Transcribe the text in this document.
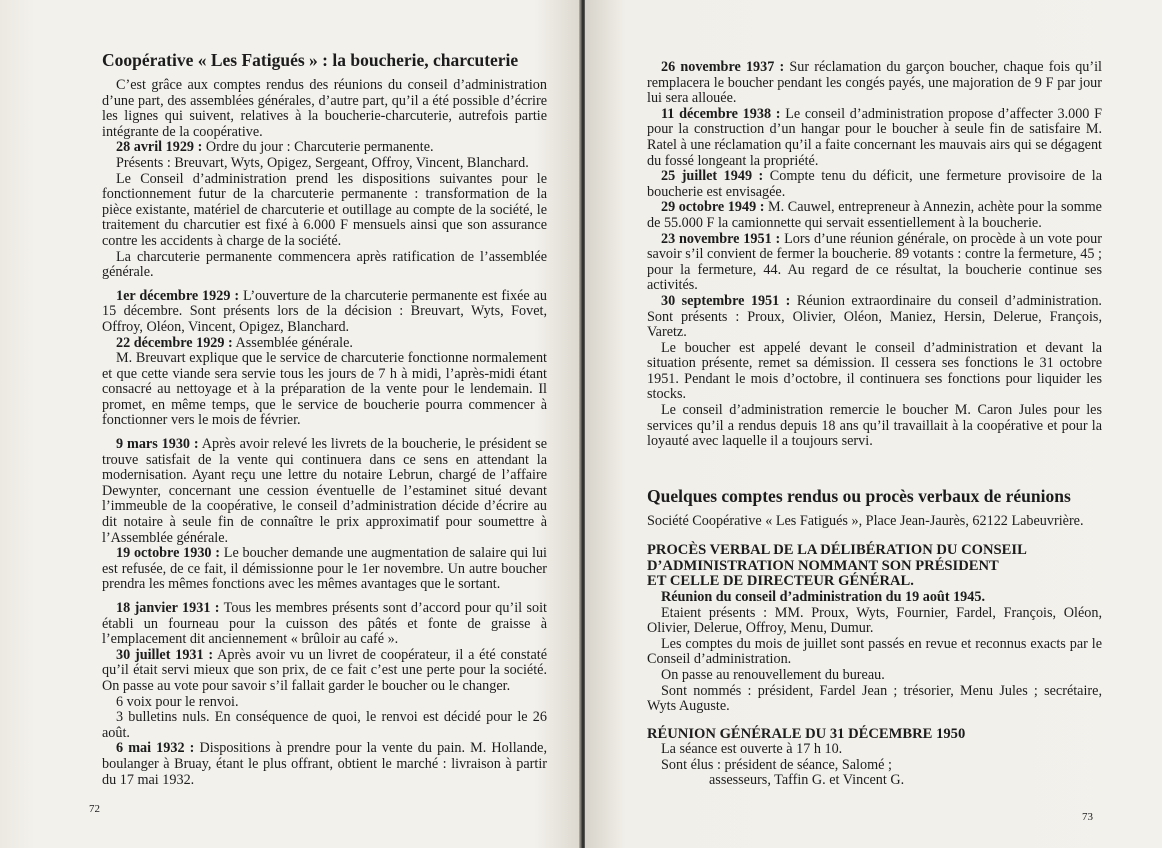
Coopérative « Les Fatigués » : la boucherie, charcuterie

C’est grâce aux comptes rendus des réunions du conseil d’administration d’une part, des assemblées générales, d’autre part, qu’il a été possible d’écrire les lignes qui suivent, relatives à la boucherie-charcuterie, autrefois partie intégrante de la coopérative.

28 avril 1929 : Ordre du jour : Charcuterie permanente.

Présents : Breuvart, Wyts, Opigez, Sergeant, Offroy, Vincent, Blanchard.

Le Conseil d’administration prend les dispositions suivantes pour le fonctionnement futur de la charcuterie permanente : transformation de la pièce existante, matériel de charcuterie et outillage au compte de la société, le traitement du charcutier est fixé à 6.000 F mensuels ainsi que son assurance contre les accidents à charge de la société.

La charcuterie permanente commencera après ratification de l’assemblée générale.

1er décembre 1929 : L’ouverture de la charcuterie permanente est fixée au 15 décembre. Sont présents lors de la décision : Breuvart, Wyts, Fovet, Offroy, Oléon, Vincent, Opigez, Blanchard.

22 décembre 1929 : Assemblée générale.

M. Breuvart explique que le service de charcuterie fonctionne normalement et que cette viande sera servie tous les jours de 7 h à midi, l’après-midi étant consacré au nettoyage et à la préparation de la vente pour le lendemain. Il promet, en même temps, que le service de boucherie pourra commencer à fonctionner vers le mois de février.

9 mars 1930 : Après avoir relevé les livrets de la boucherie, le président se trouve satisfait de la vente qui continuera dans ce sens en attendant la modernisation. Ayant reçu une lettre du notaire Lebrun, chargé de l’affaire Dewynter, concernant une cession éventuelle de l’estaminet situé devant l’immeuble de la coopérative, le conseil d’administration décide d’écrire au dit notaire à seule fin de connaître le prix approximatif pour soumettre à l’Assemblée générale.

19 octobre 1930 : Le boucher demande une augmentation de salaire qui lui est refusée, de ce fait, il démissionne pour le 1er novembre. Un autre boucher prendra les mêmes fonctions avec les mêmes avantages que le sortant.

18 janvier 1931 : Tous les membres présents sont d’accord pour qu’il soit établi un fourneau pour la cuisson des pâtés et fonte de graisse à l’emplacement dit anciennement « brûloir au café ».

30 juillet 1931 : Après avoir vu un livret de coopérateur, il a été constaté qu’il était servi mieux que son prix, de ce fait c’est une perte pour la société. On passe au vote pour savoir s’il fallait garder le boucher ou le changer.

6 voix pour le renvoi.

3 bulletins nuls. En conséquence de quoi, le renvoi est décidé pour le 26 août.

6 mai 1932 : Dispositions à prendre pour la vente du pain. M. Hollande, boulanger à Bruay, étant le plus offrant, obtient le marché : livraison à partir du 17 mai 1932.

72

26 novembre 1937 : Sur réclamation du garçon boucher, chaque fois qu’il remplacera le boucher pendant les congés payés, une majoration de 9 F par jour lui sera allouée.

11 décembre 1938 : Le conseil d’administration propose d’affecter 3.000 F pour la construction d’un hangar pour le boucher à seule fin de satisfaire M. Ratel à une réclamation qu’il a faite concernant les mauvais airs qui se dégagent du fossé longeant la propriété.

25 juillet 1949 : Compte tenu du déficit, une fermeture provisoire de la boucherie est envisagée.

29 octobre 1949 : M. Cauwel, entrepreneur à Annezin, achète pour la somme de 55.000 F la camionnette qui servait essentiellement à la boucherie.

23 novembre 1951 : Lors d’une réunion générale, on procède à un vote pour savoir s’il convient de fermer la boucherie. 89 votants : contre la fermeture, 45 ; pour la fermeture, 44. Au regard de ce résultat, la boucherie continue ses activités.

30 septembre 1951 : Réunion extraordinaire du conseil d’administration. Sont présents : Proux, Olivier, Oléon, Maniez, Hersin, Delerue, François, Varetz.

Le boucher est appelé devant le conseil d’administration et devant la situation présente, remet sa démission. Il cessera ses fonctions le 31 octobre 1951. Pendant le mois d’octobre, il continuera ses fonctions pour liquider les stocks.

Le conseil d’administration remercie le boucher M. Caron Jules pour les services qu’il a rendus depuis 18 ans qu’il travaillait à la coopérative et pour la loyauté avec laquelle il a toujours servi.

Quelques comptes rendus ou procès verbaux de réunions

Société Coopérative « Les Fatigués », Place Jean-Jaurès, 62122 Labeuvrière.

PROCÈS VERBAL DE LA DÉLIBÉRATION DU CONSEIL
D’ADMINISTRATION NOMMANT SON PRÉSIDENT
ET CELLE DE DIRECTEUR GÉNÉRAL.

Réunion du conseil d’administration du 19 août 1945.

Etaient présents : MM. Proux, Wyts, Fournier, Fardel, François, Oléon, Olivier, Delerue, Offroy, Menu, Dumur.

Les comptes du mois de juillet sont passés en revue et reconnus exacts par le Conseil d’administration.

On passe au renouvellement du bureau.

Sont nommés : président, Fardel Jean ; trésorier, Menu Jules ; secrétaire, Wyts Auguste.

RÉUNION GÉNÉRALE DU 31 DÉCEMBRE 1950

La séance est ouverte à 17 h 10.

Sont élus : président de séance, Salomé ;

assesseurs, Taffin G. et Vincent G.

73
